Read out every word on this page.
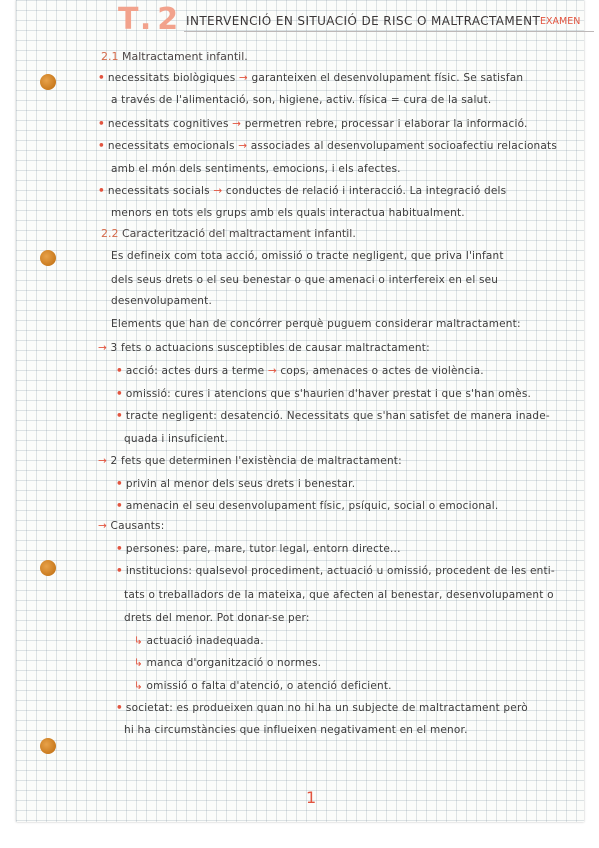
T.2 INTERVENCIÓ EN SITUACIÓ DE RISC O MALTRACTAMENT EXAMEN
2.1 Maltractament infantil.
2.2 Caracterització del maltractament infantil.
• necessitats biològiques → garanteixen el desenvolupament físic. Se satisfan
a través de l'alimentació, son, higiene, activ. física = cura de la salut.
• necessitats cognitives → permetren rebre, processar i elaborar la informació.
• necessitats emocionals → associades al desenvolupament socioafectiu relacionats
amb el món dels sentiments, emocions, i els afectes.
• necessitats socials → conductes de relació i interacció. La integració dels
menors en tots els grups amb els quals interactua habitualment.
Es defineix com tota acció, omissió o tracte negligent, que priva l'infant
dels seus drets o el seu benestar o que amenaci o interfereix en el seu
desenvolupament.
Elements que han de concórrer perquè puguem considerar maltractament:
→ 3 fets o actuacions susceptibles de causar maltractament:
• acció: actes durs a terme → cops, amenaces o actes de violència.
• omissió: cures i atencions que s'haurien d'haver prestat i que s'han omès.
• tracte negligent: desatenció. Necessitats que s'han satisfet de manera inade-
quada i insuficient.
→ 2 fets que determinen l'existència de maltractament:
• privin al menor dels seus drets i benestar.
• amenacin el seu desenvolupament físic, psíquic, social o emocional.
→ Causants:
• persones: pare, mare, tutor legal, entorn directe...
• institucions: qualsevol procediment, actuació u omissió, procedent de les enti-
tats o treballadors de la mateixa, que afecten al benestar, desenvolupament o
drets del menor. Pot donar-se per:
↳ actuació inadequada.
↳ manca d'organització o normes.
↳ omissió o falta d'atenció, o atenció deficient.
• societat: es produeixen quan no hi ha un subjecte de maltractament però
hi ha circumstàncies que influeixen negativament en el menor.
1
